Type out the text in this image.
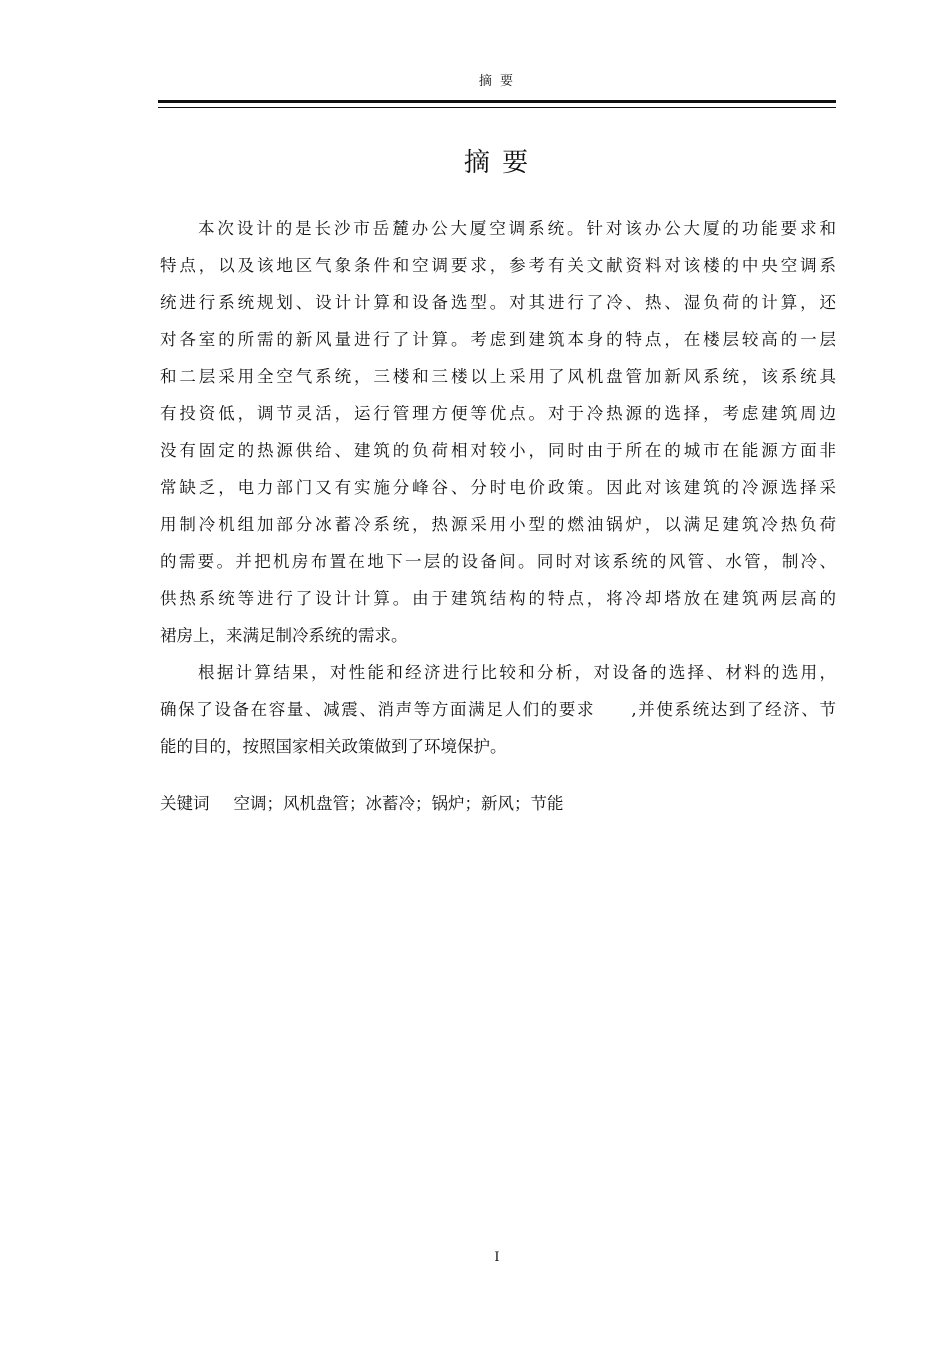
摘 要
摘 要
本次设计的是长沙市岳麓办公大厦空调系统。针对该办公大厦的功能要求和
特点，以及该地区气象条件和空调要求，参考有关文献资料对该楼的中央空调系
统进行系统规划、设计计算和设备选型。对其进行了冷、热、湿负荷的计算，还
对各室的所需的新风量进行了计算。考虑到建筑本身的特点，在楼层较高的一层
和二层采用全空气系统，三楼和三楼以上采用了风机盘管加新风系统，该系统具
有投资低，调节灵活，运行管理方便等优点。对于冷热源的选择，考虑建筑周边
没有固定的热源供给、建筑的负荷相对较小，同时由于所在的城市在能源方面非
常缺乏，电力部门又有实施分峰谷、分时电价政策。因此对该建筑的冷源选择采
用制冷机组加部分冰蓄冷系统，热源采用小型的燃油锅炉，以满足建筑冷热负荷
的需要。并把机房布置在地下一层的设备间。同时对该系统的风管、水管，制冷、
供热系统等进行了设计计算。由于建筑结构的特点，将冷却塔放在建筑两层高的
裙房上，来满足制冷系统的需求。
根据计算结果，对性能和经济进行比较和分析，对设备的选择、材料的选用，
确保了设备在容量、减震、消声等方面满足人们的要求　　,并使系统达到了经济、节
能的目的，按照国家相关政策做到了环境保护。
关键词 空调；风机盘管；冰蓄冷；锅炉；新风；节能
I
